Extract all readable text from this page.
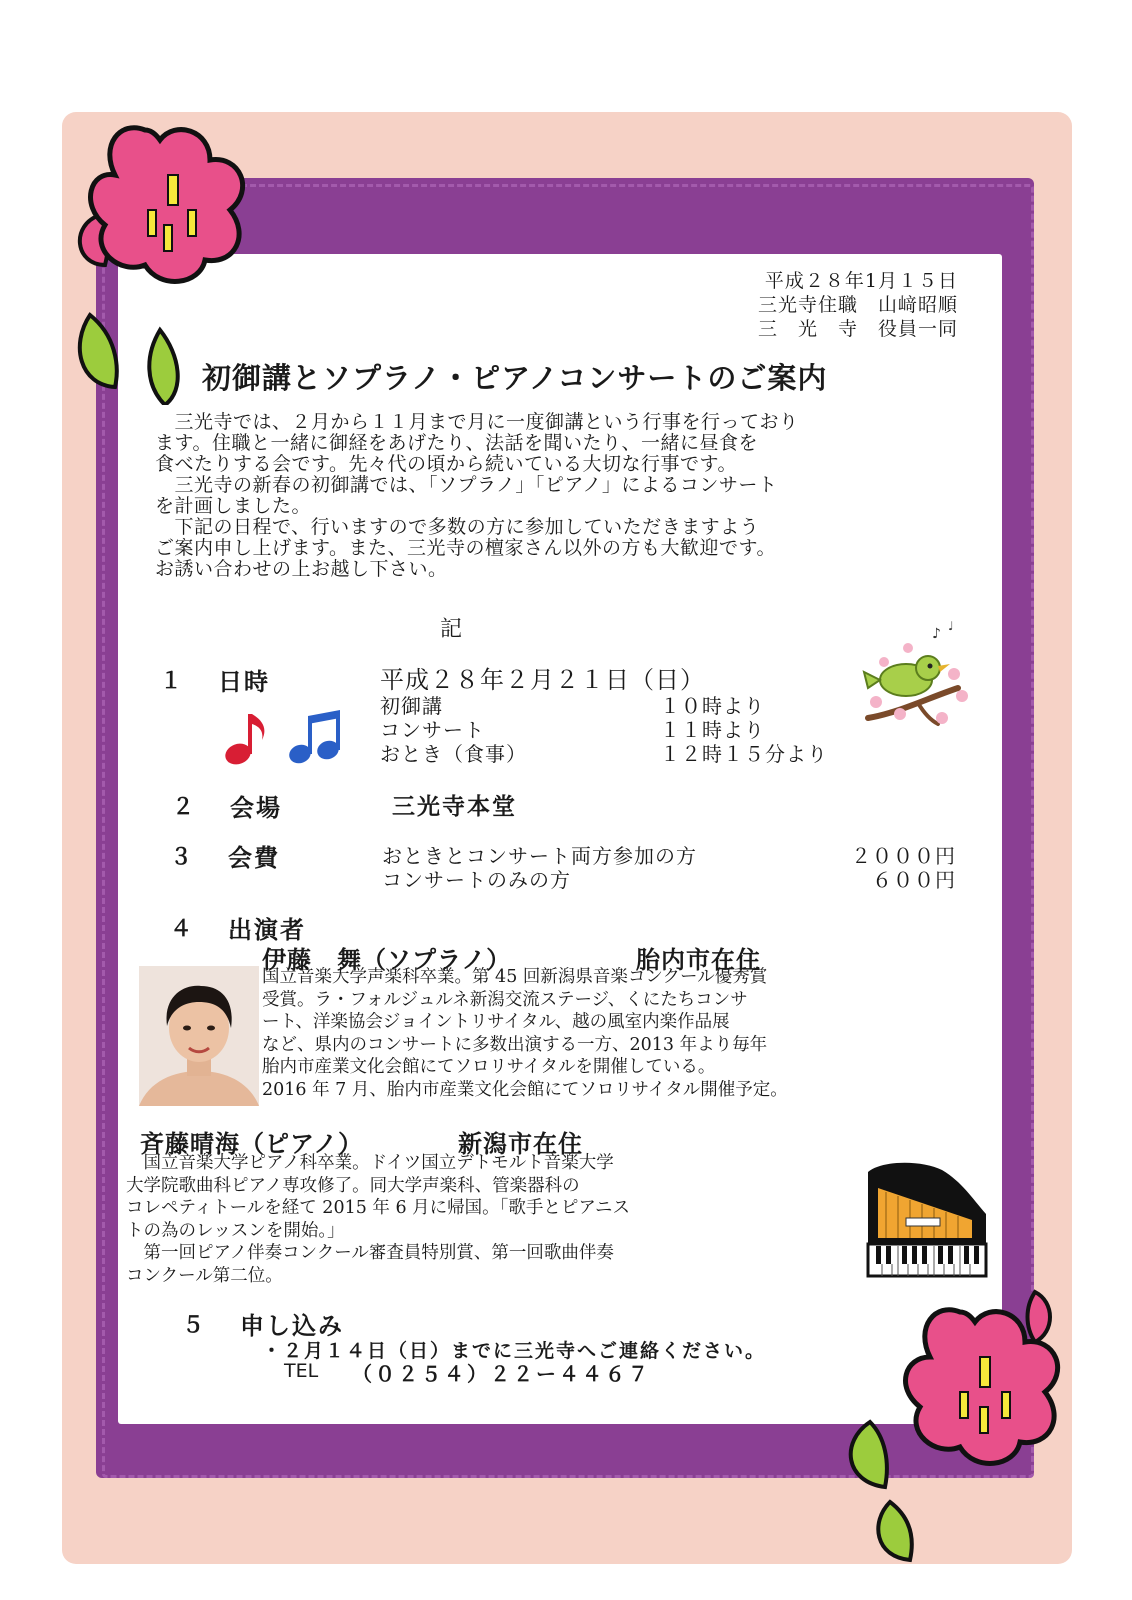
平成２８年1月１５日
三光寺住職　山﨑昭順
三　光　寺　役員一同
初御講とソプラノ・ピアノコンサートのご案内
　三光寺では、２月から１１月まで月に一度御講という行事を行っており
ます。住職と一緒に御経をあげたり、法話を聞いたり、一緒に昼食を
食べたりする会です。先々代の頃から続いている大切な行事です。
　三光寺の新春の初御講では、「ソプラノ」「ピアノ」によるコンサート
を計画しました。
　下記の日程で、行いますので多数の方に参加していただきますよう
ご案内申し上げます。また、三光寺の檀家さん以外の方も大歓迎です。
お誘い合わせの上お越し下さい。
記
１ 日時	平成２８年２月２１日（日）
初御講	１０時より
コンサート	１１時より
おとき（食事）	１２時１５分より
♪ ♩
２ 会場	三光寺本堂
３ 会費	おときとコンサート両方参加の方	２０００円
コンサートのみの方	６００円
４ 出演者
伊藤　舞（ソプラノ）	胎内市在住
国立音楽大学声楽科卒業。第 45 回新潟県音楽コンクール優秀賞
受賞。ラ・フォルジュルネ新潟交流ステージ、くにたちコンサ
ート、洋楽協会ジョイントリサイタル、越の風室内楽作品展
など、県内のコンサートに多数出演する一方、2013 年より毎年
胎内市産業文化会館にてソロリサイタルを開催している。
2016 年 7 月、胎内市産業文化会館にてソロリサイタル開催予定。
斉藤晴海（ピアノ）	新潟市在住
　国立音楽大学ピアノ科卒業。ドイツ国立デトモルト音楽大学
大学院歌曲科ピアノ専攻修了。同大学声楽科、管楽器科の
コレペティトールを経て 2015 年 6 月に帰国。「歌手とピアニス
トの為のレッスンを開始。」
　第一回ピアノ伴奏コンクール審査員特別賞、第一回歌曲伴奏
コンクール第二位。
５ 申し込み
・２月１４日（日）までに三光寺へご連絡ください。
TEL （０２５４）２２ー４４６７
